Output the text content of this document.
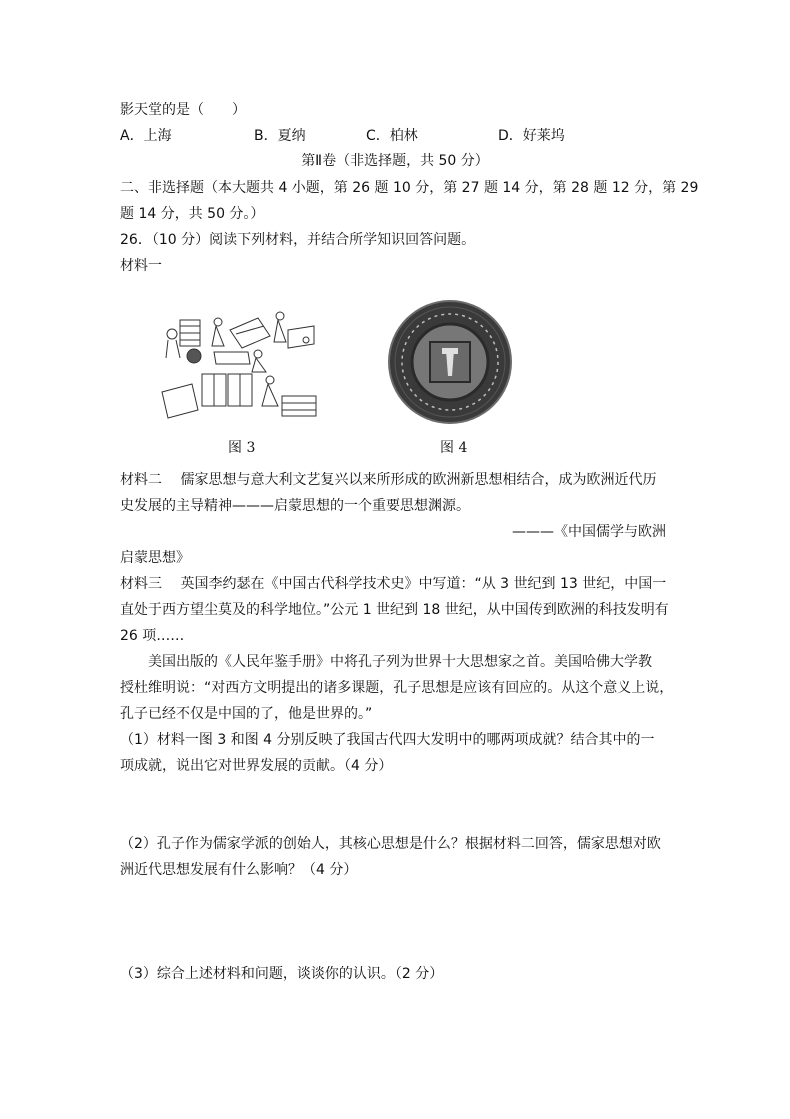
影天堂的是（　　）
A．上海	B．夏纳	C．柏林	D．好莱坞
第Ⅱ卷（非选择题，共 50 分）
二、非选择题（本大题共 4 小题，第 26 题 10 分，第 27 题 14 分，第 28 题 12 分，第 29
题 14 分，共 50 分。）
26．（10 分）阅读下列材料，并结合所学知识回答问题。
材料一
图 3	图 4
材料二　 儒家思想与意大利文艺复兴以来所形成的欧洲新思想相结合，成为欧洲近代历
史发展的主导精神———启蒙思想的一个重要思想渊源。
———《中国儒学与欧洲
启蒙思想》
材料三　 英国李约瑟在《中国古代科学技术史》中写道：“从 3 世纪到 13 世纪，中国一
直处于西方望尘莫及的科学地位。”公元 1 世纪到 18 世纪，从中国传到欧洲的科技发明有
26 项……
美国出版的《人民年鉴手册》中将孔子列为世界十大思想家之首。美国哈佛大学教
授杜维明说：“对西方文明提出的诸多课题，孔子思想是应该有回应的。从这个意义上说，
孔子已经不仅是中国的了，他是世界的。”
（1）材料一图 3 和图 4 分别反映了我国古代四大发明中的哪两项成就？结合其中的一
项成就，说出它对世界发展的贡献。（4 分）
（2）孔子作为儒家学派的创始人，其核心思想是什么？根据材料二回答，儒家思想对欧
洲近代思想发展有什么影响？（4 分）
（3）综合上述材料和问题，谈谈你的认识。（2 分）
